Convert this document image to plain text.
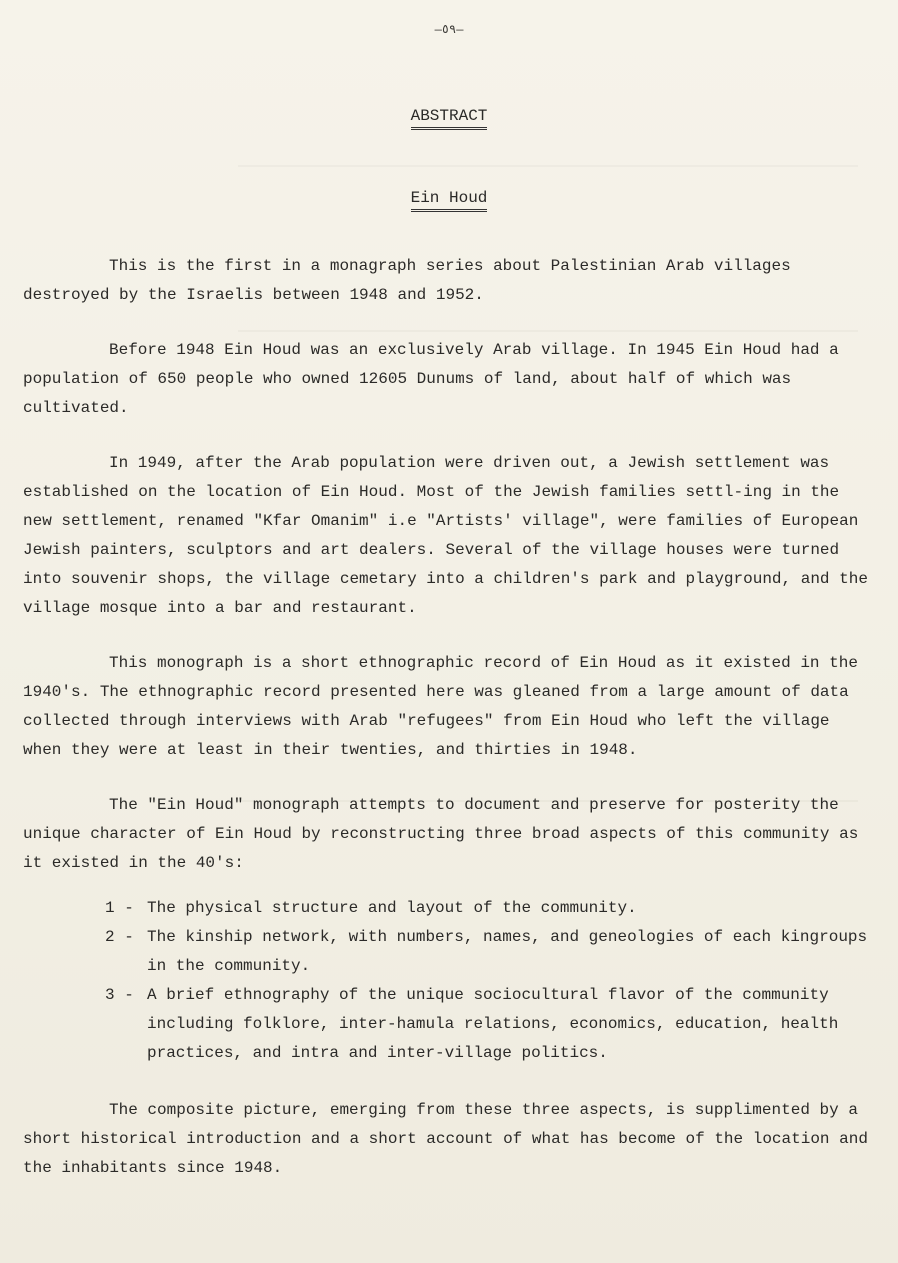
—٥٩—
ABSTRACT
Ein Houd

This is the first in a monagraph series about Palestinian Arab villages destroyed by the Israelis between 1948 and 1952.

Before 1948 Ein Houd was an exclusively Arab village. In 1945 Ein Houd had a population of 650 people who owned 12605 Dunums of land, about half of which was cultivated.

In 1949, after the Arab population were driven out, a Jewish settlement was established on the location of Ein Houd. Most of the Jewish families settl-ing in the new settlement, renamed "Kfar Omanim" i.e "Artists' village", were families of European Jewish painters, sculptors and art dealers. Several of the village houses were turned into souvenir shops, the village cemetary into a children's park and playground, and the village mosque into a bar and restaurant.

This monograph is a short ethnographic record of Ein Houd as it existed in the 1940's. The ethnographic record presented here was gleaned from a large amount of data collected through interviews with Arab "refugees" from Ein Houd who left the village when they were at least in their twenties, and thirties in 1948.

The "Ein Houd" monograph attempts to document and preserve for posterity the unique character of Ein Houd by reconstructing three broad aspects of this community as it existed in the 40's:

1 - The physical structure and layout of the community.
2 - The kinship network, with numbers, names, and geneologies of each kingroups in the community.
3 - A brief ethnography of the unique sociocultural flavor of the community including folklore, inter-hamula relations, economics, education, health practices, and intra and inter-village politics.

The composite picture, emerging from these three aspects, is supplimented by a short historical introduction and a short account of what has become of the location and the inhabitants since 1948.
